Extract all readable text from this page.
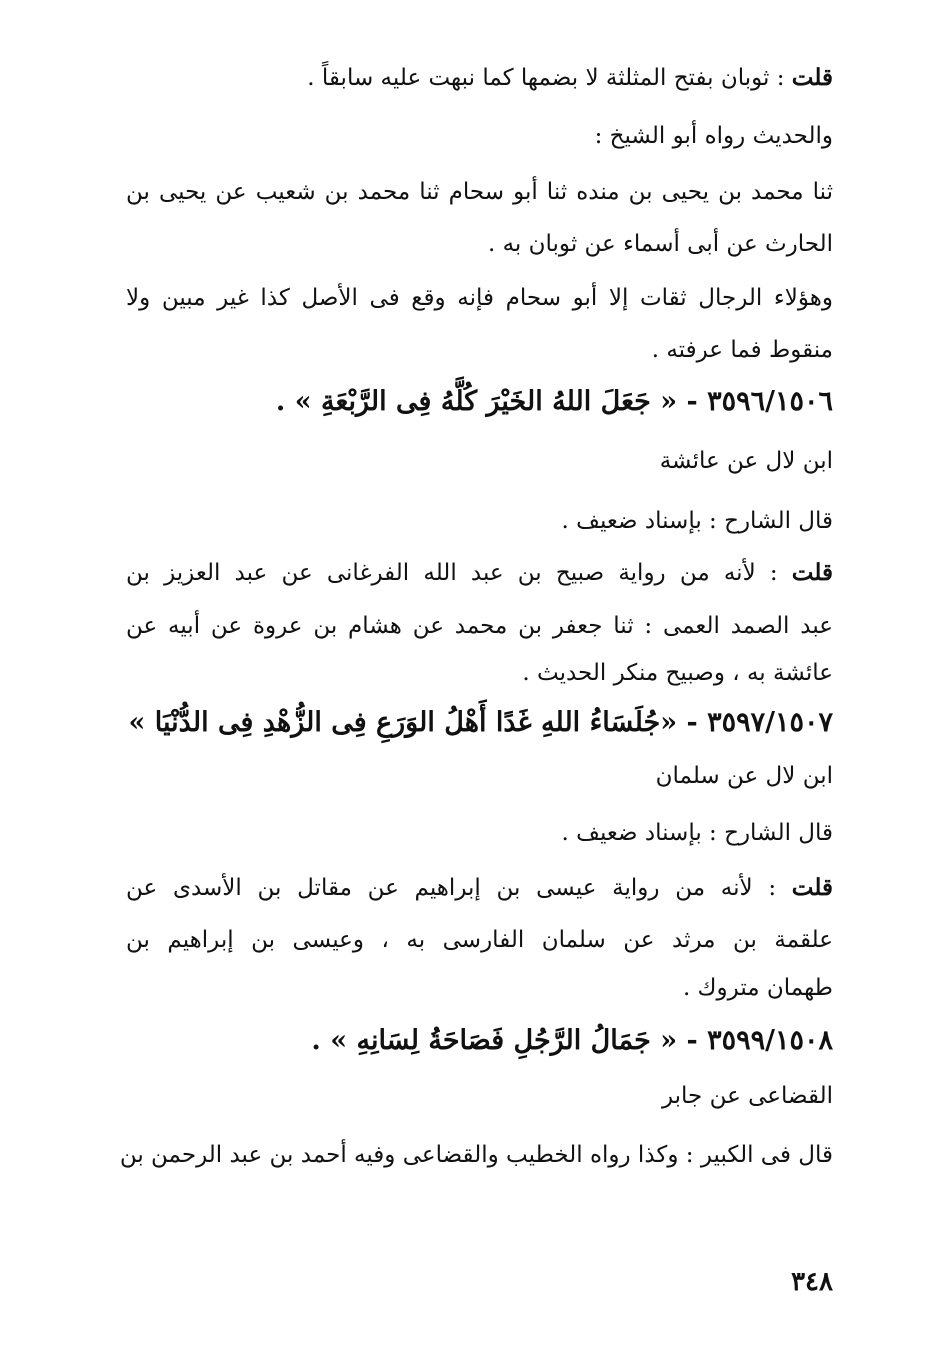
قلت : ثوبان بفتح المثلثة لا بضمها كما نبهت عليه سابقاً .
والحديث رواه أبو الشيخ :
ثنا محمد بن يحيى بن منده ثنا أبو سحام ثنا محمد بن شعيب عن يحيى بن
الحارث عن أبى أسماء عن ثوبان به .
وهؤلاء الرجال ثقات إلا أبو سحام فإنه وقع فى الأصل كذا غير مبين ولا
منقوط فما عرفته .
٣٥٩٦/١٥٠٦ - « جَعَلَ اللهُ الخَيْرَ كُلَّهُ فِى الرَّبْعَةِ » .
ابن لال عن عائشة
قال الشارح : بإسناد ضعيف .
قلت : لأنه من رواية صبيح بن عبد الله الفرغانى عن عبد العزيز بن
عبد الصمد العمى : ثنا جعفر بن محمد عن هشام بن عروة عن أبيه عن
عائشة به ، وصبيح منكر الحديث .
٣٥٩٧/١٥٠٧ - «جُلَسَاءُ اللهِ غَدًا أَهْلُ الوَرَعِ فِى الزُّهْدِ فِى الدُّنْيَا »
ابن لال عن سلمان
قال الشارح : بإسناد ضعيف .
قلت : لأنه من رواية عيسى بن إبراهيم عن مقاتل بن الأسدى عن
علقمة بن مرثد عن سلمان الفارسى به ، وعيسى بن إبراهيم بن
طهمان متروك .
٣٥٩٩/١٥٠٨ - « جَمَالُ الرَّجُلِ فَصَاحَةُ لِسَانِهِ » .
القضاعى عن جابر
قال فى الكبير : وكذا رواه الخطيب والقضاعى وفيه أحمد بن عبد الرحمن بن
٣٤٨
